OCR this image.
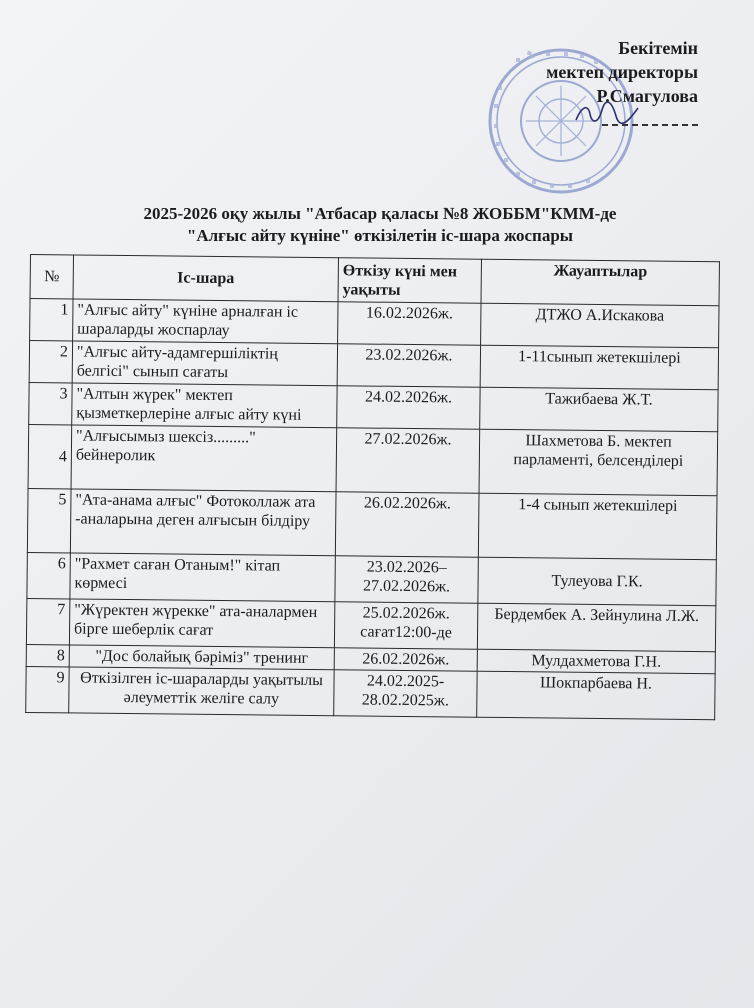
Бекітемін
мектеп директоры
Р.Смагулова
2025-2026 оқу жылы "Атбасар қаласы №8 ЖОББМ"КММ-де
"Алғыс айту күніне" өткізілетін іс-шара жоспары
№	Іс-шара	Өткізу күні мен уақыты	Жауаптылар
1	"Алғыс айту" күніне арналған іс шараларды жоспарлау	16.02.2026ж.	ДТЖО А.Искакова
2	"Алғыс айту-адамгершіліктің белгісі" сынып сағаты	23.02.2026ж.	1-11сынып жетекшілері
3	"Алтын жүрек" мектеп қызметкерлеріне алғыс айту күні	24.02.2026ж.	Тажибаева Ж.Т.
4	"Алғысымыз шексіз........." бейнеролик	27.02.2026ж.	Шахметова Б. мектеп парламенті, белсенділері
5	"Ата-анама алғыс" Фотоколлаж ата -аналарына деген алғысын білдіру	26.02.2026ж.	1-4 сынып жетекшілері
6	"Рахмет саған Отаным!" кітап көрмесі	23.02.2026–27.02.2026ж.	Тулеуова Г.К.
7	"Жүректен жүрекке" ата-аналармен бірге шеберлік сағат	25.02.2026ж. сағат12:00-де	Бердембек А. Зейнулина Л.Ж.
8	"Дос болайық бәріміз" тренинг	26.02.2026ж.	Мулдахметова Г.Н.
9	Өткізілген іс-шараларды уақытылы әлеуметтік желіге салу	24.02.2025-28.02.2025ж.	Шокпарбаева Н.
